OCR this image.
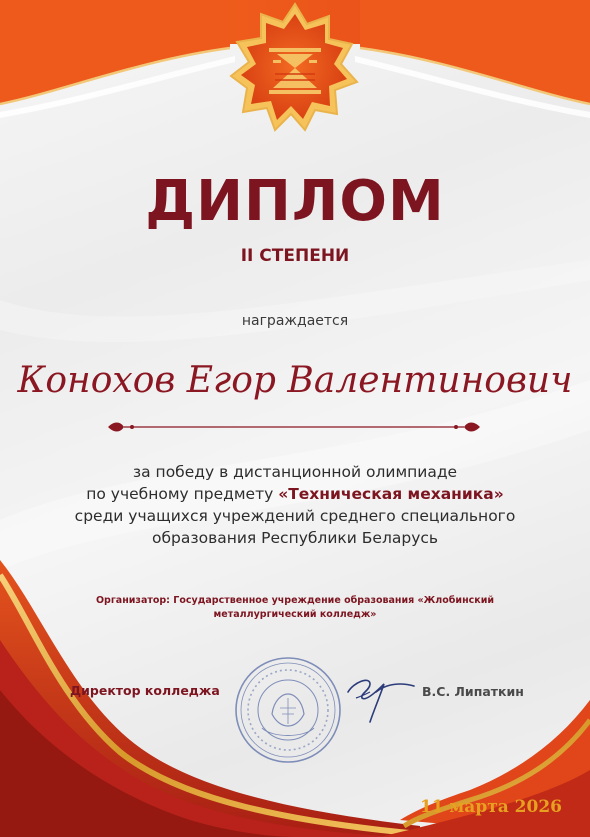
ДИПЛОМ
II СТЕПЕНИ
награждается
Коноxов Егор Валентинович
за победу в дистанционной олимпиаде
по учебному предмету «Техническая механика»
среди учащихся учреждений среднего специального
образования Республики Беларусь
Организатор: Государственное учреждение образования «Жлобинский
металлургический колледж»
Директор колледжа	В.С. Липаткин
11 марта 2026
